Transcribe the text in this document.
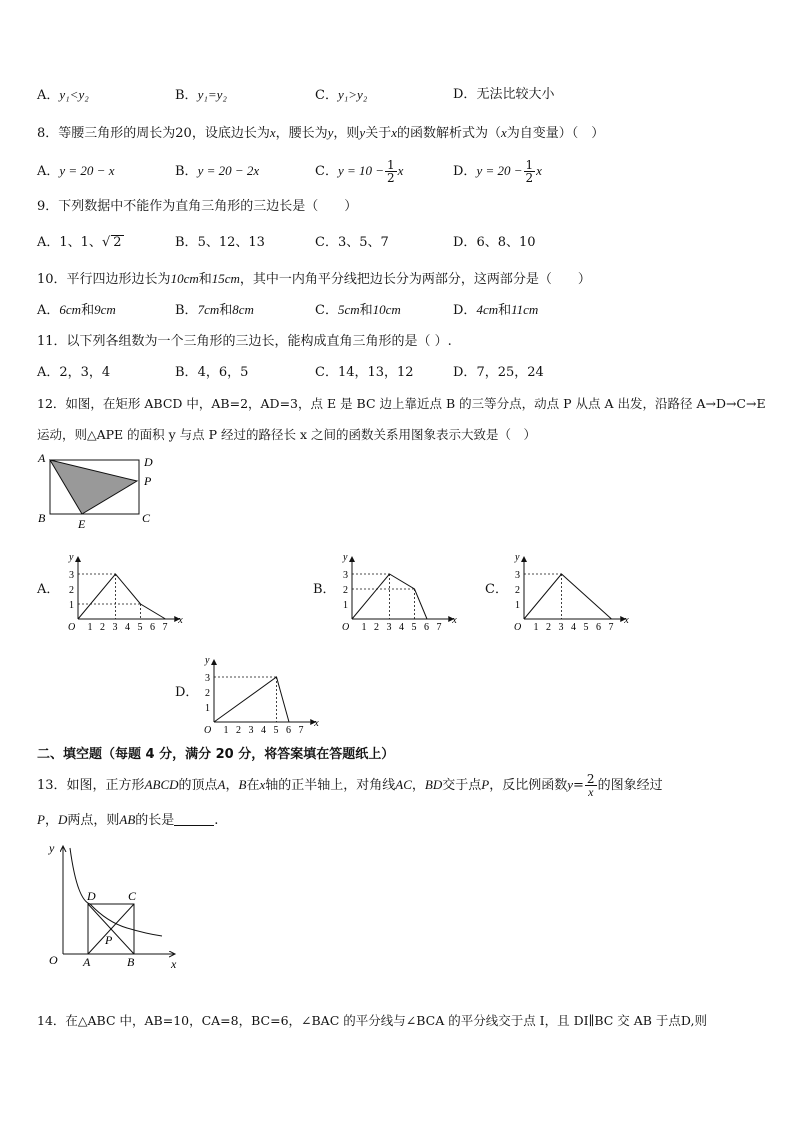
A．y₁<y₂	B．y₁=y₂	C．y₁>y₂	D．无法比较大小
8．等腰三角形的周长为20，设底边长为x，腰长为y，则y关于x的函数解析式为（x为自变量）（　）
A．y = 20 − x	B．y = 20 − 2x	C．$y = 10 - \frac{1}{2}$ x	D．$y = 20 - \frac{1}{2}$ x
9．下列数据中不能作为直角三角形的三边长是（　　）
A．1、1、√ 2	B．5、12、13	C．3、5、7	D．6、8、10
10．平行四边形边长为10cm和15cm，其中一内角平分线把边长分为两部分，这两部分是（　　）
A．6cm和9cm	B．7cm和8cm	C．5cm和10cm	D．4cm和11cm
11．以下列各组数为一个三角形的三边长，能构成直角三角形的是（ ）.
A．2，3，4	B．4，6，5	C．14，13，12	D．7，25，24
12．如图，在矩形 ABCD 中，AB=2，AD=3，点 E 是 BC 边上靠近点 B 的三等分点，动点 P 从点 A 出发，沿路径 A→D→C→E
运动，则△APE 的面积 y 与点 P 经过的路径长 x 之间的函数关系用图象表示大致是（　）
A	D
P
B	E	C
A．	B．	C．
D．
x
y
O 1 2 3 4 5 6 7
1
2
3
x
y
O 1 2 3 4 5 6 7
1
2
3
x
y
O 1 2 3 4 5 6 7
1
2
3
x
y
O 1 2 3 4 5 6 7
1
2
3
二、填空题（每题 4 分，满分 20 分，将答案填在答题纸上）
13．如图，正方形ABCD的顶点A，B在x轴的正半轴上，对角线AC，BD交于点P，反比例函数$y= \frac{2}{x}$ 的图象经过
P，D两点，则AB的长是	.
y
x
O A	B
C
D
P
14．在△ABC 中，AB=10，CA=8，BC=6，∠BAC 的平分线与∠BCA 的平分线交于点 I，且 DI∥BC 交 AB 于点D,则
